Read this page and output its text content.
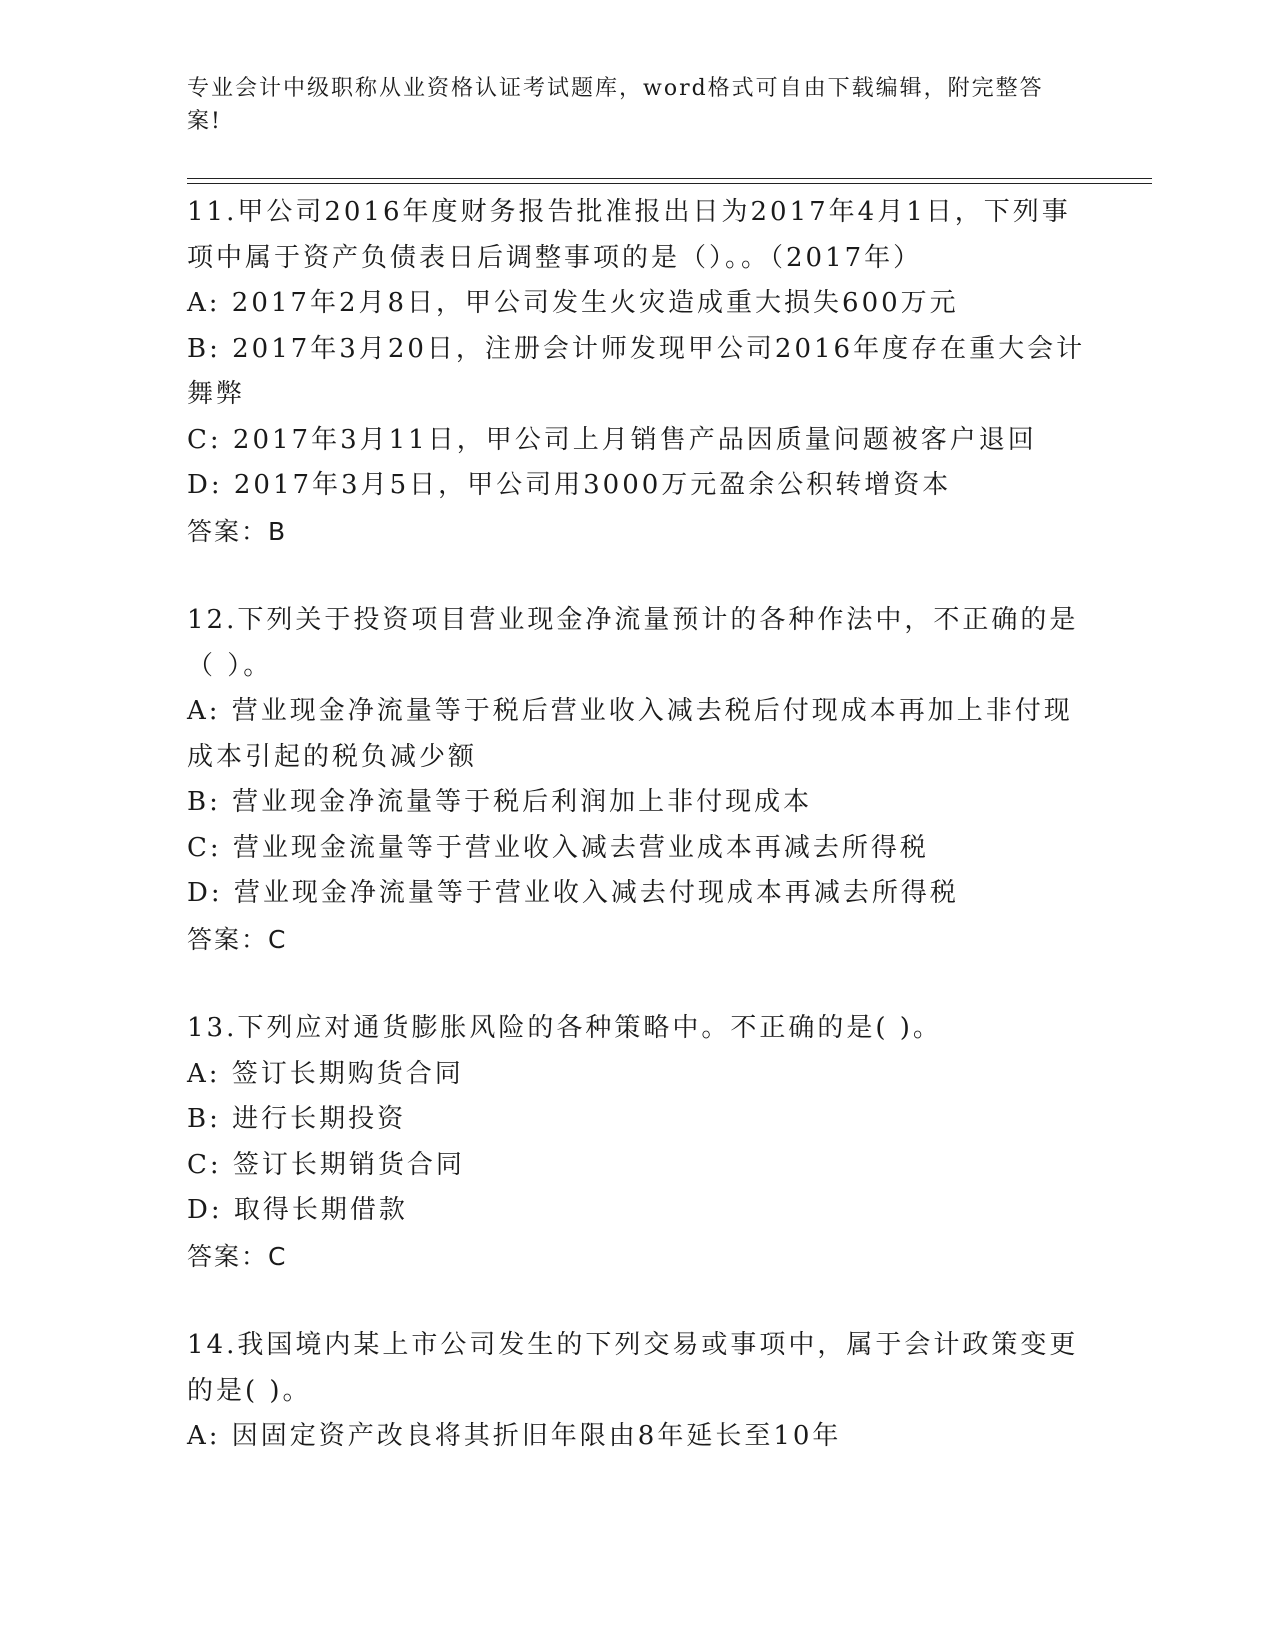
专业会计中级职称从业资格认证考试题库，word格式可自由下载编辑，附完整答
案!
11.甲公司2016年度财务报告批准报出日为2017年4月1日，下列事
项中属于资产负债表日后调整事项的是（）。。（2017年）
A: 2017年2月8日，甲公司发生火灾造成重大损失600万元
B: 2017年3月20日，注册会计师发现甲公司2016年度存在重大会计
舞弊
C: 2017年3月11日，甲公司上月销售产品因质量问题被客户退回
D: 2017年3月5日，甲公司用3000万元盈余公积转增资本
答案：B
12.下列关于投资项目营业现金净流量预计的各种作法中，不正确的是
（ ）。
A: 营业现金净流量等于税后营业收入减去税后付现成本再加上非付现
成本引起的税负减少额
B: 营业现金净流量等于税后利润加上非付现成本
C: 营业现金流量等于营业收入减去营业成本再减去所得税
D: 营业现金净流量等于营业收入减去付现成本再减去所得税
答案：C
13.下列应对通货膨胀风险的各种策略中。不正确的是( )。
A: 签订长期购货合同
B: 进行长期投资
C: 签订长期销货合同
D: 取得长期借款
答案：C
14.我国境内某上市公司发生的下列交易或事项中，属于会计政策变更
的是( )。
A: 因固定资产改良将其折旧年限由8年延长至10年
